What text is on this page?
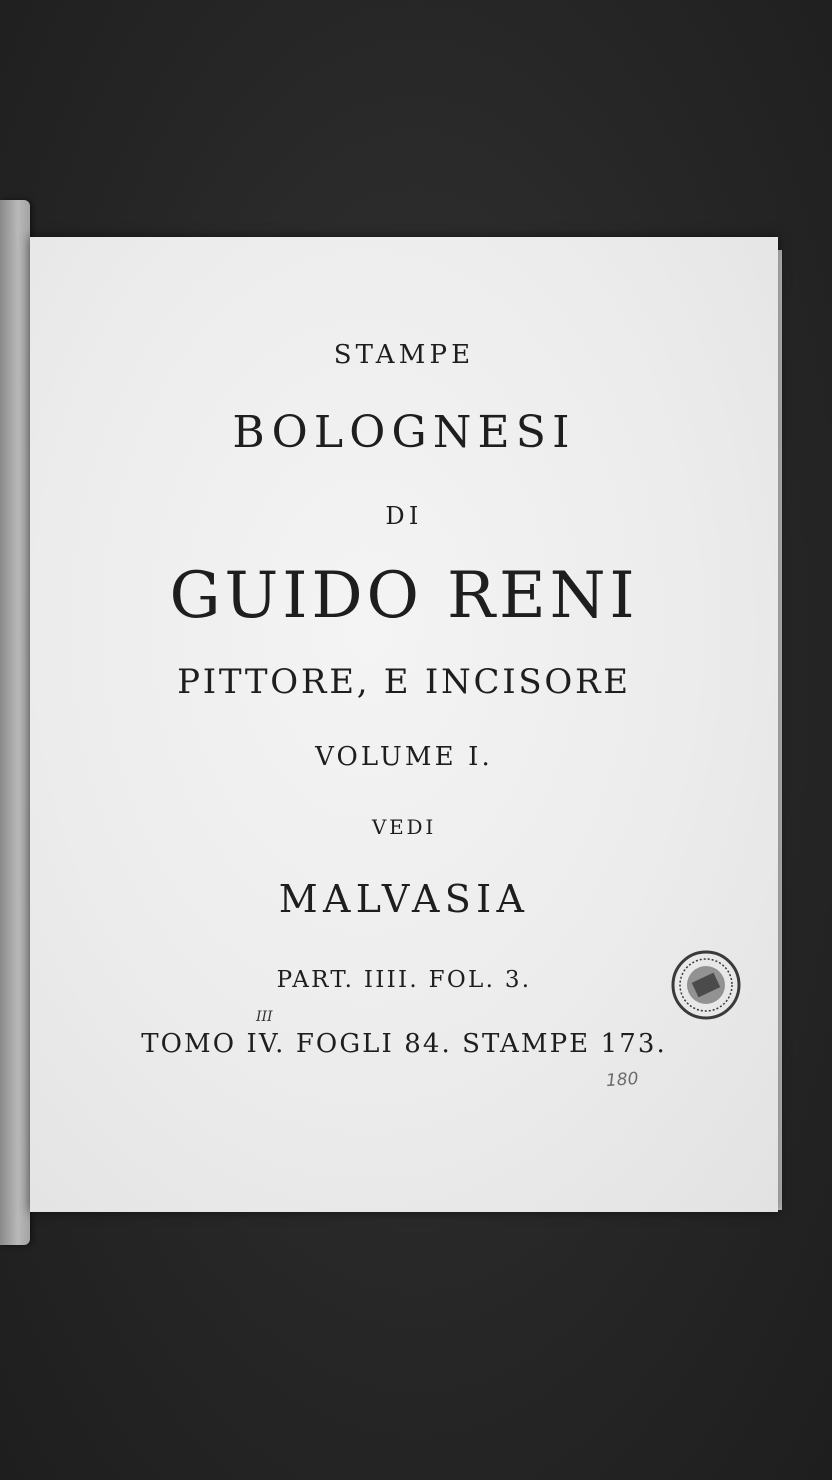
STAMPE
BOLOGNESI
DI
GUIDO RENI
PITTORE, E INCISORE
VOLUME I.
VEDI
MALVASIA
PART. IIII. FOL. 3.
TOMO IV. FOGLI 84. STAMPE 173.
III
180
